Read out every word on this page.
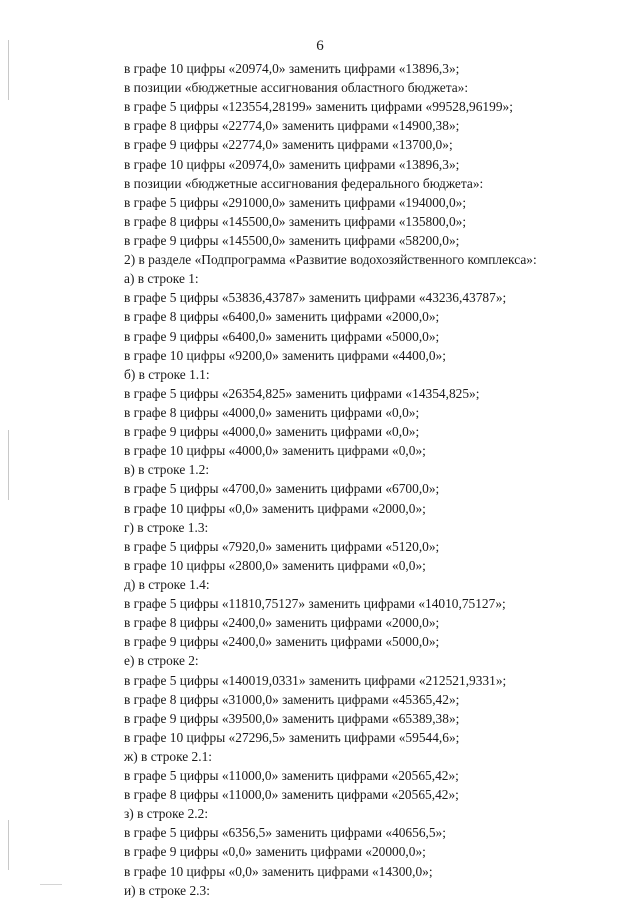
6
в графе 10 цифры «20974,0» заменить цифрами «13896,3»;
в позиции «бюджетные ассигнования областного бюджета»:
в графе 5 цифры «123554,28199» заменить цифрами «99528,96199»;
в графе 8 цифры «22774,0» заменить цифрами «14900,38»;
в графе 9 цифры «22774,0» заменить цифрами «13700,0»;
в графе 10 цифры «20974,0» заменить цифрами «13896,3»;
в позиции «бюджетные ассигнования федерального бюджета»:
в графе 5 цифры «291000,0» заменить цифрами «194000,0»;
в графе 8 цифры «145500,0» заменить цифрами «135800,0»;
в графе 9 цифры «145500,0» заменить цифрами «58200,0»;
2) в разделе «Подпрограмма «Развитие водохозяйственного комплекса»:
а) в строке 1:
в графе 5 цифры «53836,43787» заменить цифрами «43236,43787»;
в графе 8 цифры «6400,0» заменить цифрами «2000,0»;
в графе 9 цифры «6400,0» заменить цифрами «5000,0»;
в графе 10 цифры «9200,0» заменить цифрами «4400,0»;
б) в строке 1.1:
в графе 5 цифры «26354,825» заменить цифрами «14354,825»;
в графе 8 цифры «4000,0» заменить цифрами «0,0»;
в графе 9 цифры «4000,0» заменить цифрами «0,0»;
в графе 10 цифры «4000,0» заменить цифрами «0,0»;
в) в строке 1.2:
в графе 5 цифры «4700,0» заменить цифрами «6700,0»;
в графе 10 цифры «0,0» заменить цифрами «2000,0»;
г) в строке 1.3:
в графе 5 цифры «7920,0» заменить цифрами «5120,0»;
в графе 10 цифры «2800,0» заменить цифрами «0,0»;
д) в строке 1.4:
в графе 5 цифры «11810,75127» заменить цифрами «14010,75127»;
в графе 8 цифры «2400,0» заменить цифрами «2000,0»;
в графе 9 цифры «2400,0» заменить цифрами «5000,0»;
е) в строке 2:
в графе 5 цифры «140019,0331» заменить цифрами «212521,9331»;
в графе 8 цифры «31000,0» заменить цифрами «45365,42»;
в графе 9 цифры «39500,0» заменить цифрами «65389,38»;
в графе 10 цифры «27296,5» заменить цифрами «59544,6»;
ж) в строке 2.1:
в графе 5 цифры «11000,0» заменить цифрами «20565,42»;
в графе 8 цифры «11000,0» заменить цифрами «20565,42»;
з) в строке 2.2:
в графе 5 цифры «6356,5» заменить цифрами «40656,5»;
в графе 9 цифры «0,0» заменить цифрами «20000,0»;
в графе 10 цифры «0,0» заменить цифрами «14300,0»;
и) в строке 2.3:
